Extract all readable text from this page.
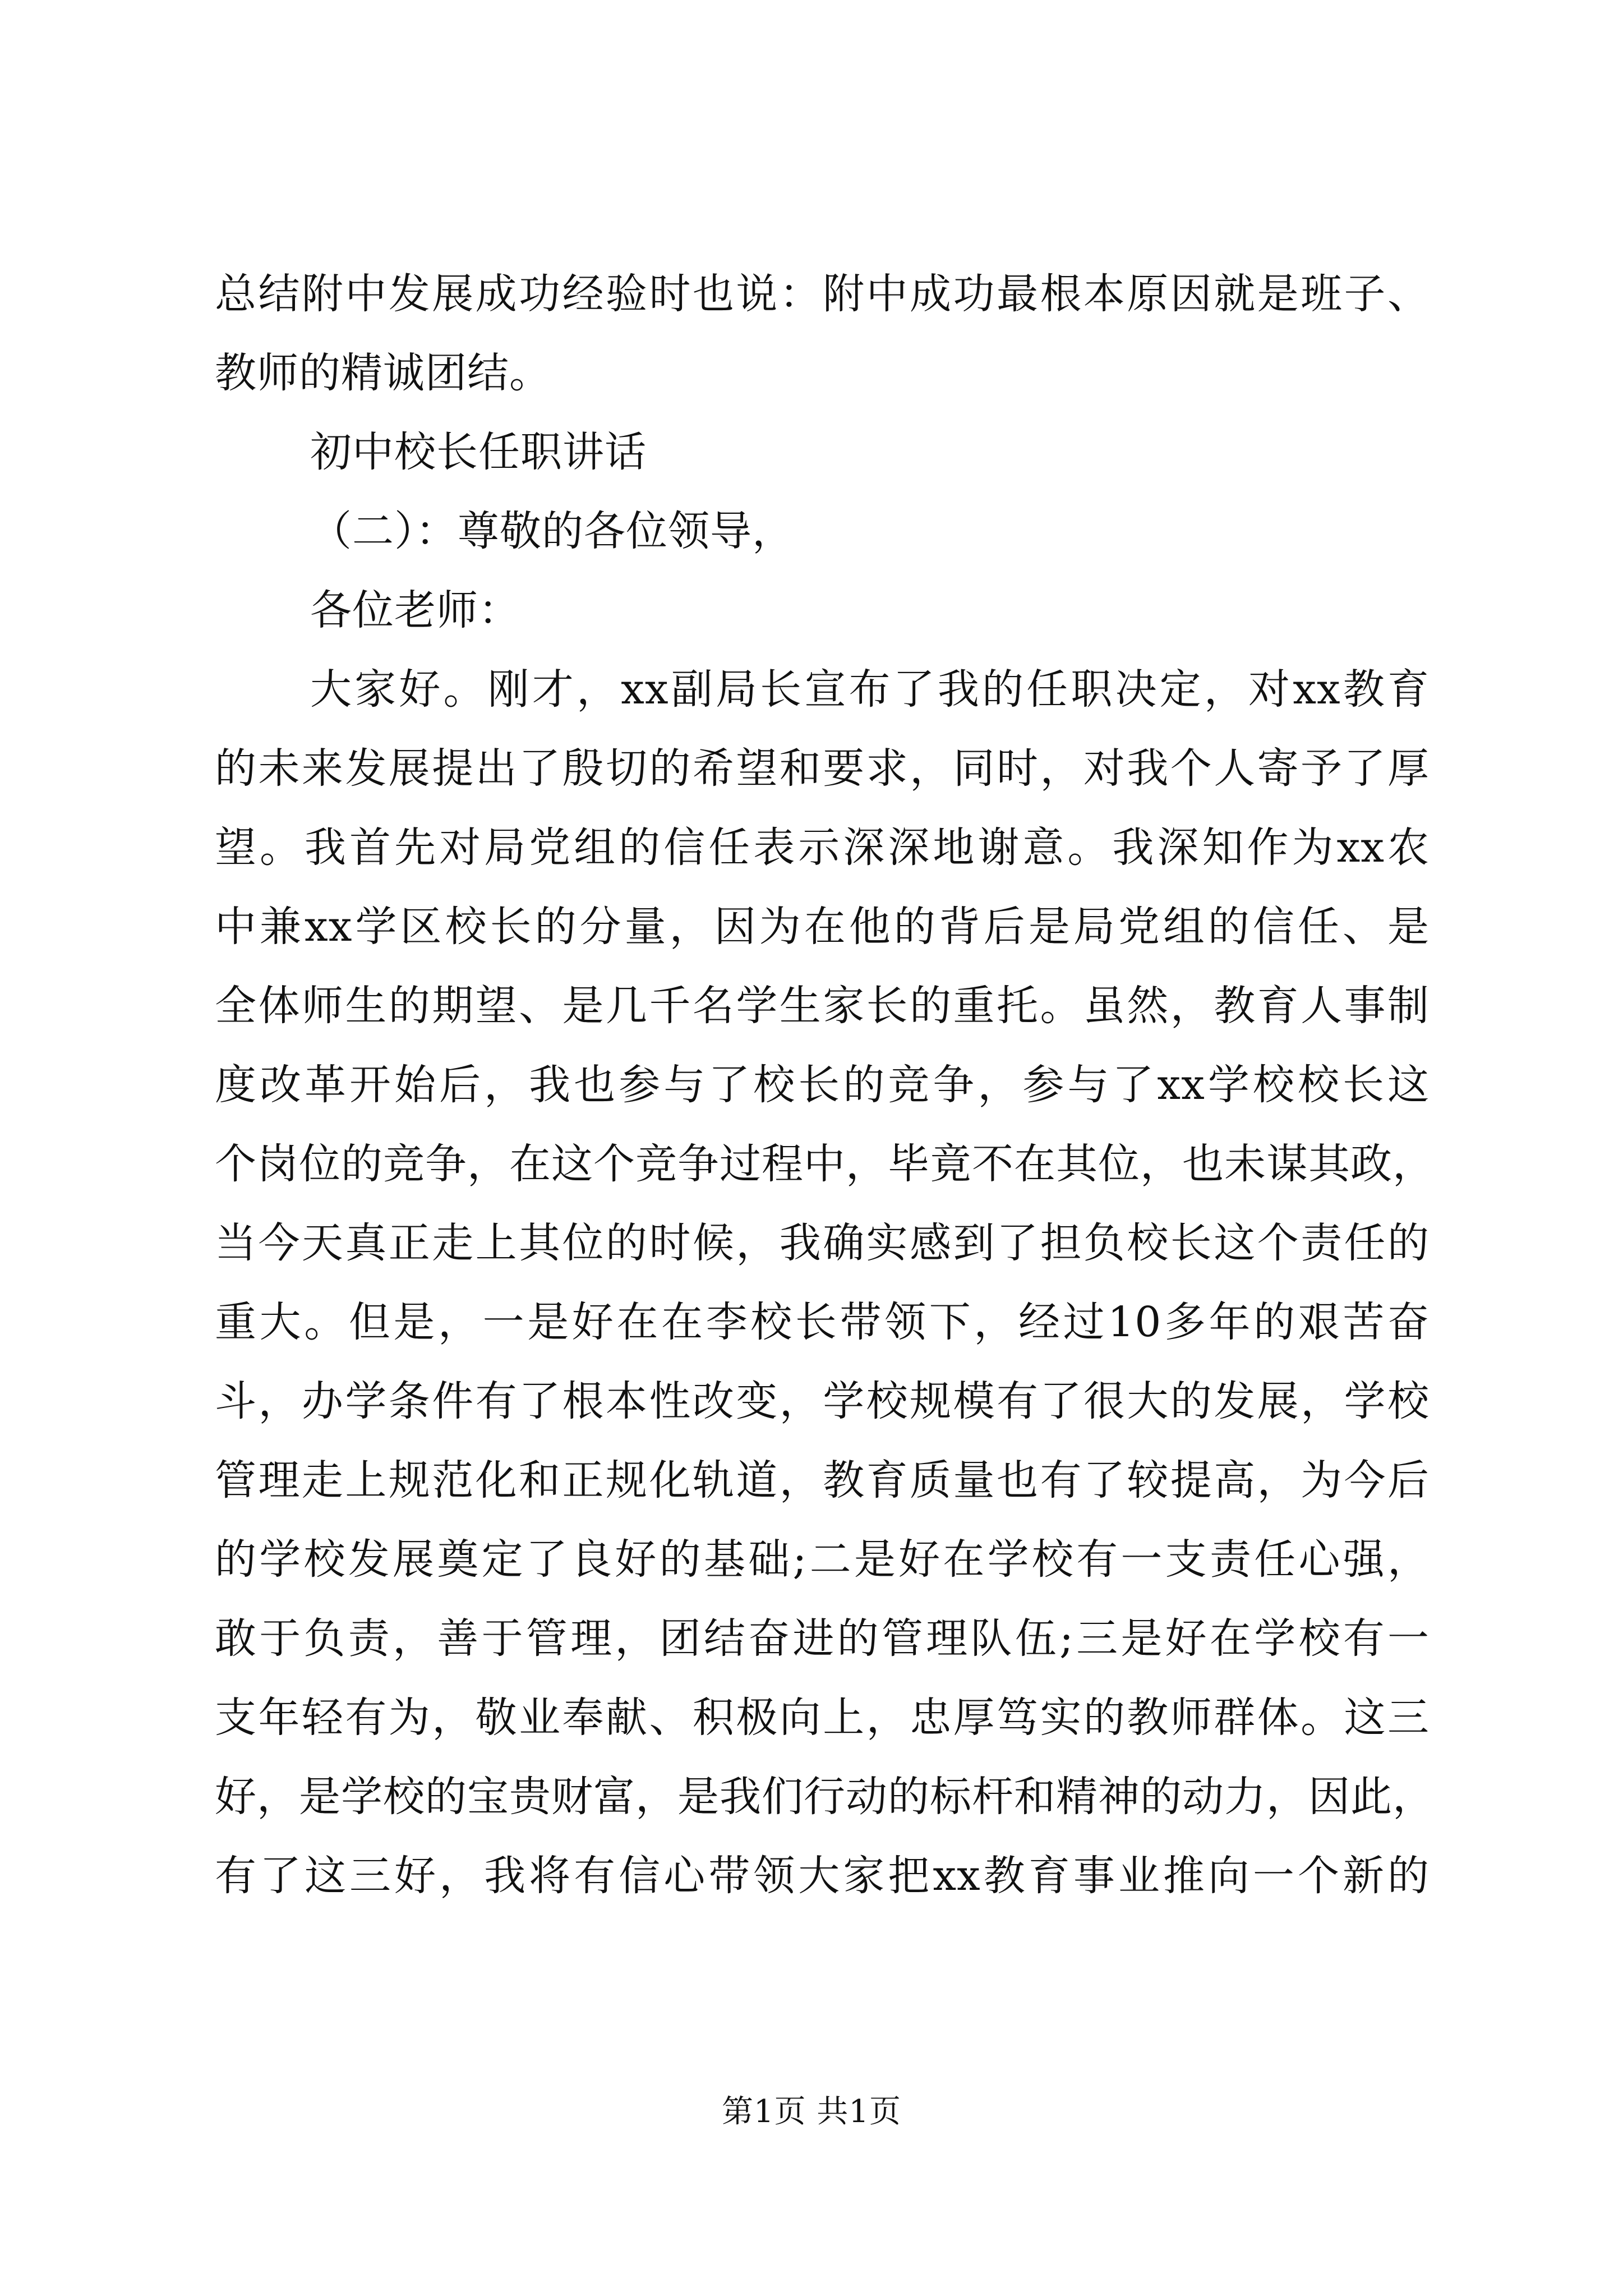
总结附中发展成功经验时也说：附中成功最根本原因就是班子、
教师的精诚团结。
初中校长任职讲话
（二）：尊敬的各位领导，
各位老师：
大家好。刚才，xx副局长宣布了我的任职决定，对xx教育
的未来发展提出了殷切的希望和要求，同时，对我个人寄予了厚
望。我首先对局党组的信任表示深深地谢意。我深知作为xx农
中兼xx学区校长的分量，因为在他的背后是局党组的信任、是
全体师生的期望、是几千名学生家长的重托。虽然，教育人事制
度改革开始后，我也参与了校长的竞争，参与了xx学校校长这
个岗位的竞争，在这个竞争过程中，毕竟不在其位，也未谋其政，
当今天真正走上其位的时候，我确实感到了担负校长这个责任的
重大。但是，一是好在在李校长带领下，经过10多年的艰苦奋
斗，办学条件有了根本性改变，学校规模有了很大的发展，学校
管理走上规范化和正规化轨道，教育质量也有了较提高，为今后
的学校发展奠定了良好的基础;二是好在学校有一支责任心强，
敢于负责，善于管理，团结奋进的管理队伍;三是好在学校有一
支年轻有为，敬业奉献、积极向上，忠厚笃实的教师群体。这三
好，是学校的宝贵财富，是我们行动的标杆和精神的动力，因此，
有了这三好，我将有信心带领大家把xx教育事业推向一个新的
第1页 共1页
